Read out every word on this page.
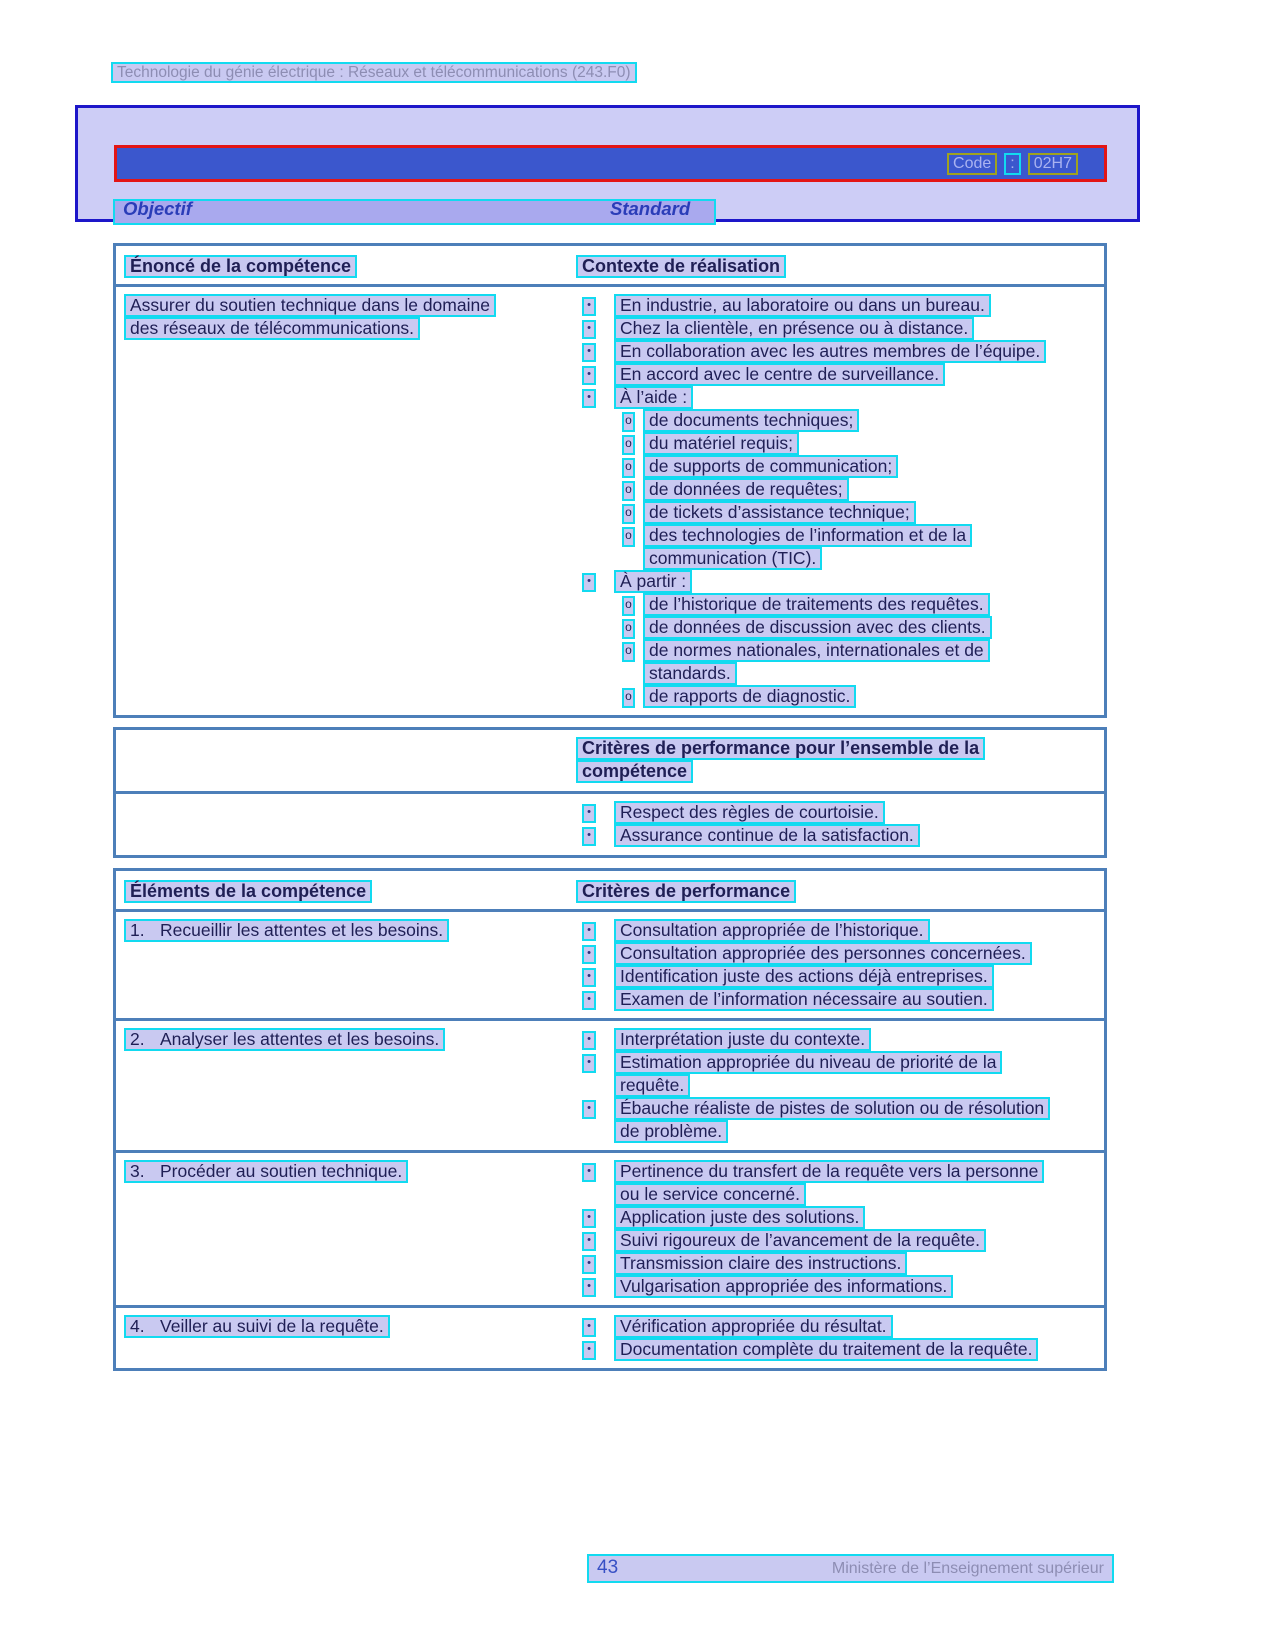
Technologie du génie électrique : Réseaux et télécommunications (243.F0)
Code	:	02H7
Objectif	Standard
Énoncé de la compétence	Contexte de réalisation
Assurer du soutien technique dans le domaine
des réseaux de télécommunications.
•	En industrie, au laboratoire ou dans un bureau.
•	Chez la clientèle, en présence ou à distance.
•	En collaboration avec les autres membres de l’équipe.
•	En accord avec le centre de surveillance.
•	À l’aide :
o de documents techniques;
o du matériel requis;
o de supports de communication;
o de données de requêtes;
o de tickets d’assistance technique;
o des technologies de l’information et de la
communication (TIC).
•	À partir :
o de l’historique de traitements des requêtes.
o de données de discussion avec des clients.
o de normes nationales, internationales et de
standards.
o de rapports de diagnostic.
Critères de performance pour l’ensemble de la
compétence
•	Respect des règles de courtoisie.
•	Assurance continue de la satisfaction.
Éléments de la compétence	Critères de performance
1. Recueillir les attentes et les besoins.	•	Consultation appropriée de l’historique.
•	Consultation appropriée des personnes concernées.
•	Identification juste des actions déjà entreprises.
•	Examen de l’information nécessaire au soutien.
2. Analyser les attentes et les besoins.	•	Interprétation juste du contexte.
•	Estimation appropriée du niveau de priorité de la
requête.
•	Ébauche réaliste de pistes de solution ou de résolution
de problème.
3. Procéder au soutien technique.	•	Pertinence du transfert de la requête vers la personne
ou le service concerné.
•	Application juste des solutions.
•	Suivi rigoureux de l’avancement de la requête.
•	Transmission claire des instructions.
•	Vulgarisation appropriée des informations.
4. Veiller au suivi de la requête.	•	Vérification appropriée du résultat.
•	Documentation complète du traitement de la requête.
43	Ministère de l’Enseignement supérieur
